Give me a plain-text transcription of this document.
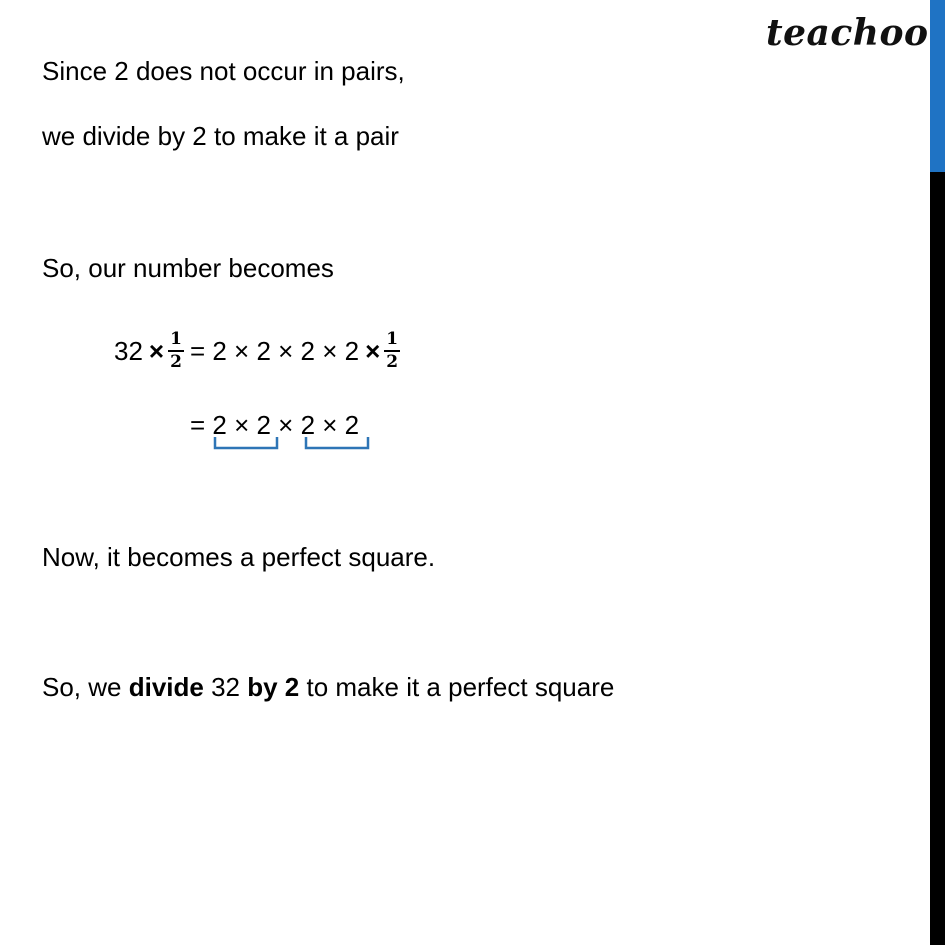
teachoo
Since 2 does not occur in pairs,
we divide by 2 to make it a pair
So, our number becomes
$32 \times \frac{1}{2} = 2 \times 2 \times 2 \times 2 \times \frac{1}{2}$
= 2 × 2 × 2 × 2
Now, it becomes a perfect square.
So, we divide 32 by 2 to make it a perfect square
